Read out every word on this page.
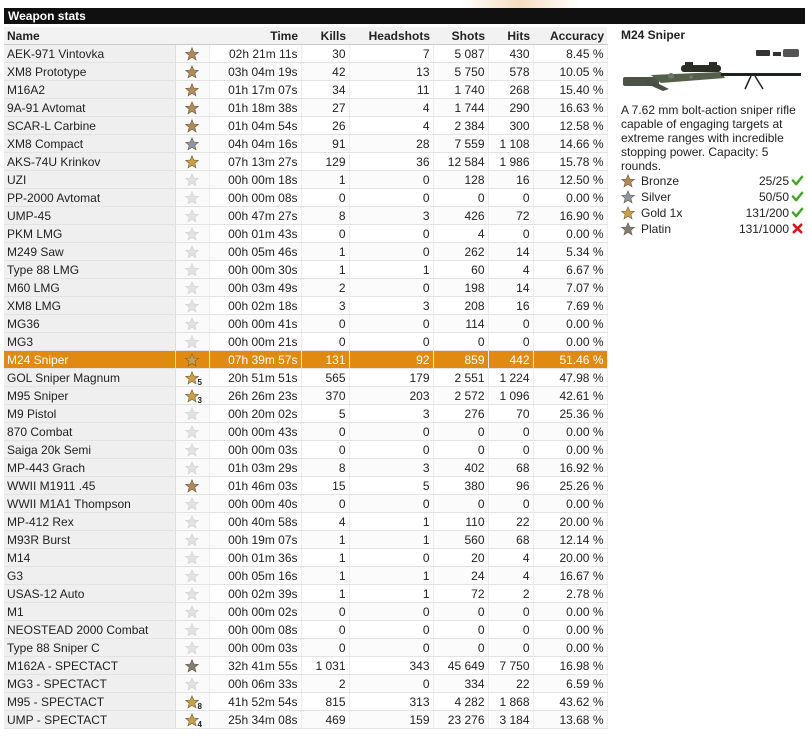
Weapon stats
Name		Time	Kills	Headshots	Shots	Hits	Accuracy
AEK-971 Vintovka		02h 21m 11s	30	7	5 087	430	8.45 %
XM8 Prototype		03h 04m 19s	42	13	5 750	578	10.05 %
M16A2		01h 17m 07s	34	11	1 740	268	15.40 %
9A-91 Avtomat		01h 18m 38s	27	4	1 744	290	16.63 %
SCAR-L Carbine		01h 04m 54s	26	4	2 384	300	12.58 %
XM8 Compact		04h 04m 16s	91	28	7 559	1 108	14.66 %
AKS-74U Krinkov		07h 13m 27s	129	36	12 584	1 986	15.78 %
UZI		00h 00m 18s	1	0	128	16	12.50 %
PP-2000 Avtomat		00h 00m 08s	0	0	0	0	0.00 %
UMP-45		00h 47m 27s	8	3	426	72	16.90 %
PKM LMG		00h 01m 43s	0	0	4	0	0.00 %
M249 Saw		00h 05m 46s	1	0	262	14	5.34 %
Type 88 LMG		00h 00m 30s	1	1	60	4	6.67 %
M60 LMG		00h 03m 49s	2	0	198	14	7.07 %
XM8 LMG		00h 02m 18s	3	3	208	16	7.69 %
MG36		00h 00m 41s	0	0	114	0	0.00 %
MG3		00h 00m 21s	0	0	0	0	0.00 %
M24 Sniper		07h 39m 57s	131	92	859	442	51.46 %
GOL Sniper Magnum	5	20h 51m 51s	565	179	2 551	1 224	47.98 %
M95 Sniper	3	26h 26m 23s	370	203	2 572	1 096	42.61 %
M9 Pistol		00h 20m 02s	5	3	276	70	25.36 %
870 Combat		00h 00m 43s	0	0	0	0	0.00 %
Saiga 20k Semi		00h 00m 03s	0	0	0	0	0.00 %
MP-443 Grach		01h 03m 29s	8	3	402	68	16.92 %
WWII M1911 .45		01h 46m 03s	15	5	380	96	25.26 %
WWII M1A1 Thompson		00h 00m 40s	0	0	0	0	0.00 %
MP-412 Rex		00h 40m 58s	4	1	110	22	20.00 %
M93R Burst		00h 19m 07s	1	1	560	68	12.14 %
M14		00h 01m 36s	1	0	20	4	20.00 %
G3		00h 05m 16s	1	1	24	4	16.67 %
USAS-12 Auto		00h 02m 39s	1	1	72	2	2.78 %
M1		00h 00m 02s	0	0	0	0	0.00 %
NEOSTEAD 2000 Combat		00h 00m 08s	0	0	0	0	0.00 %
Type 88 Sniper C		00h 00m 03s	0	0	0	0	0.00 %
M162A - SPECTACT		32h 41m 55s	1 031	343	45 649	7 750	16.98 %
MG3 - SPECTACT		00h 06m 33s	2	0	334	22	6.59 %
M95 - SPECTACT	8	41h 52m 54s	815	313	4 282	1 868	43.62 %
UMP - SPECTACT	4	25h 34m 08s	469	159	23 276	3 184	13.68 %
M24 Sniper
A 7.62 mm bolt-action sniper rifle capable of engaging targets at extreme ranges with incredible stopping power. Capacity: 5 rounds.
Bronze	25/25
Silver	50/50
Gold 1x	131/200
Platin	131/1000
